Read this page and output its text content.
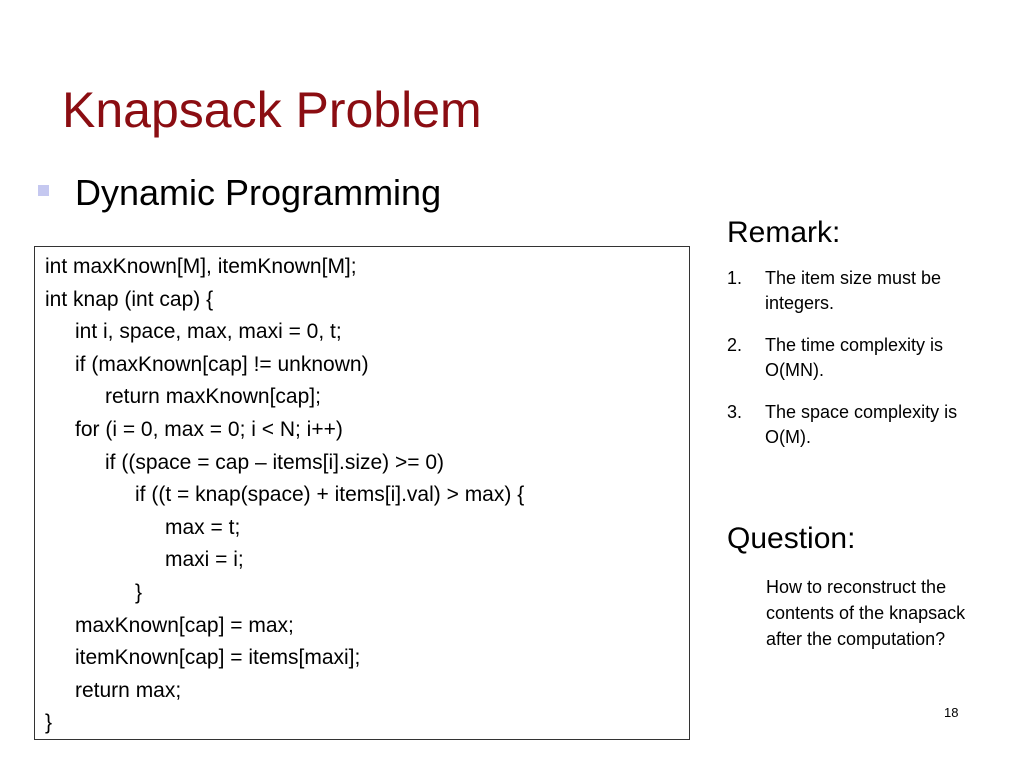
Knapsack Problem
Dynamic Programming
int maxKnown[M], itemKnown[M];
int knap (int cap) {
int i, space, max, maxi = 0, t;
if (maxKnown[cap] != unknown)
return maxKnown[cap];
for (i = 0, max = 0; i < N; i++)
if ((space = cap – items[i].size) >= 0)
if ((t = knap(space) + items[i].val) > max) {
max = t;
maxi = i;
}
maxKnown[cap] = max;
itemKnown[cap] = items[maxi];
return max;
}
Remark:
1.	The item size must be integers.
2.	The time complexity is O(MN).
3.	The space complexity is O(M).
Question:
How to reconstruct the contents of the knapsack after the computation?
18
